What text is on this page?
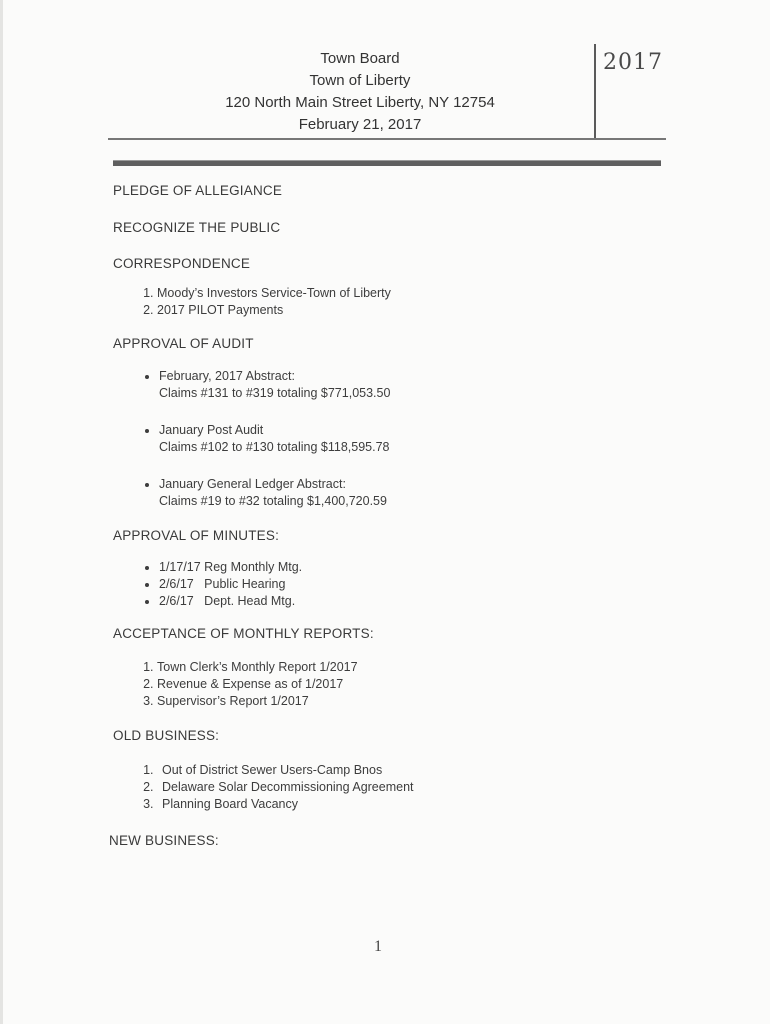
Town Board
Town of Liberty
120 North Main Street Liberty, NY 12754
February 21, 2017
2017
PLEDGE OF ALLEGIANCE
RECOGNIZE THE PUBLIC
CORRESPONDENCE
1. Moody’s Investors Service-Town of Liberty
2. 2017 PILOT Payments
APPROVAL OF AUDIT
• February, 2017 Abstract:
Claims #131 to #319 totaling $771,053.50
• January Post Audit
Claims #102 to #130 totaling $118,595.78
• January General Ledger Abstract:
Claims #19 to #32 totaling $1,400,720.59
APPROVAL OF MINUTES:
• 1/17/17 Reg Monthly Mtg.
• 2/6/17   Public Hearing
• 2/6/17   Dept. Head Mtg.
ACCEPTANCE OF MONTHLY REPORTS:
1. Town Clerk’s Monthly Report 1/2017
2. Revenue & Expense as of 1/2017
3. Supervisor’s Report 1/2017
OLD BUSINESS:
1. Out of District Sewer Users-Camp Bnos
2. Delaware Solar Decommissioning Agreement
3. Planning Board Vacancy
NEW BUSINESS:
1
